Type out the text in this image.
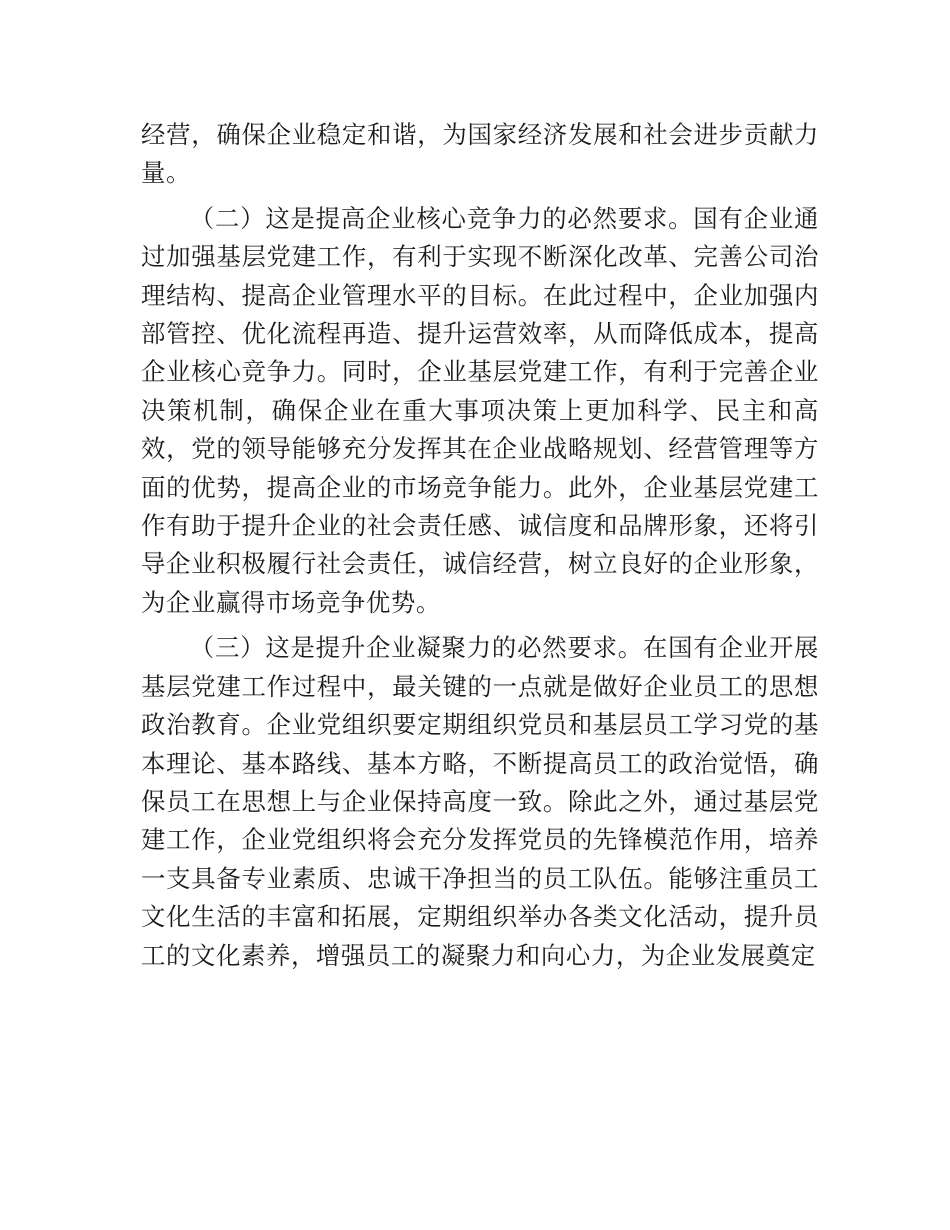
经营，确保企业稳定和谐，为国家经济发展和社会进步贡献力量。

（二）这是提高企业核心竞争力的必然要求。国有企业通过加强基层党建工作，有利于实现不断深化改革、完善公司治理结构、提高企业管理水平的目标。在此过程中，企业加强内部管控、优化流程再造、提升运营效率，从而降低成本，提高企业核心竞争力。同时，企业基层党建工作，有利于完善企业决策机制，确保企业在重大事项决策上更加科学、民主和高效，党的领导能够充分发挥其在企业战略规划、经营管理等方面的优势，提高企业的市场竞争能力。此外，企业基层党建工作有助于提升企业的社会责任感、诚信度和品牌形象，还将引导企业积极履行社会责任，诚信经营，树立良好的企业形象，为企业赢得市场竞争优势。

（三）这是提升企业凝聚力的必然要求。在国有企业开展基层党建工作过程中，最关键的一点就是做好企业员工的思想政治教育。企业党组织要定期组织党员和基层员工学习党的基本理论、基本路线、基本方略，不断提高员工的政治觉悟，确保员工在思想上与企业保持高度一致。除此之外，通过基层党建工作，企业党组织将会充分发挥党员的先锋模范作用，培养一支具备专业素质、忠诚干净担当的员工队伍。能够注重员工文化生活的丰富和拓展，定期组织举办各类文化活动，提升员工的文化素养，增强员工的凝聚力和向心力，为企业发展奠定
